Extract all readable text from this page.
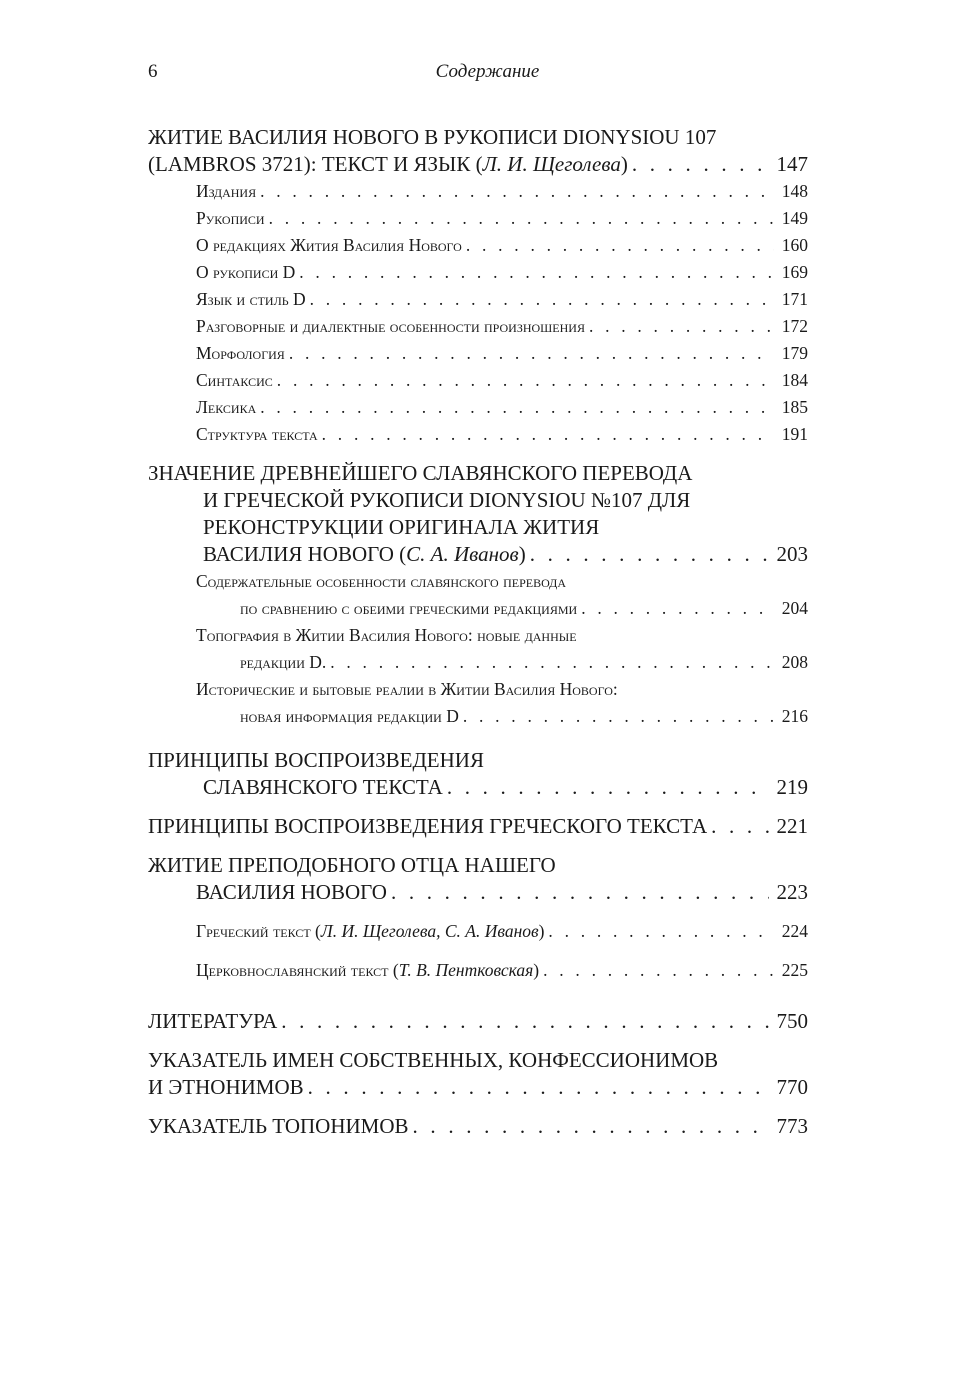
6	Содержание
ЖИТИЕ ВАСИЛИЯ НОВОГО В РУКОПИСИ DIONYSIOU 107
(LAMBROS 3721): ТЕКСТ И ЯЗЫК (Л. И. Щеголева) . . .	147
Издания . . .	148
Рукописи . . .	149
О редакциях Жития Василия Нового . . .	160
О рукописи D . . .	169
Язык и стиль D . . .	171
Разговорные и диалектные особенности произношения . . .	172
Морфология . . .	179
Синтаксис . . .	184
Лексика . . .	185
Структура текста . . .	191
ЗНАЧЕНИЕ ДРЕВНЕЙШЕГО СЛАВЯНСКОГО ПЕРЕВОДА
И ГРЕЧЕСКОЙ РУКОПИСИ DIONYSIOU №107 ДЛЯ
РЕКОНСТРУКЦИИ ОРИГИНАЛА ЖИТИЯ
ВАСИЛИЯ НОВОГО (С. А. Иванов) . . .	203
Содержательные особенности славянского перевода
по сравнению с обеими греческими редакциями . . .	204
Топография в Житии Василия Нового: новые данные
редакции D. . . .	208
Исторические и бытовые реалии в Житии Василия Нового:
новая информация редакции D . . .	216
ПРИНЦИПЫ ВОСПРОИЗВЕДЕНИЯ
СЛАВЯНСКОГО ТЕКСТА . . .	219
ПРИНЦИПЫ ВОСПРОИЗВЕДЕНИЯ ГРЕЧЕСКОГО ТЕКСТА . . .	221
ЖИТИЕ ПРЕПОДОБНОГО ОТЦА НАШЕГО
ВАСИЛИЯ НОВОГО . . .	223
Греческий текст (Л. И. Щеголева, С. А. Иванов) . . .	224
Церковнославянский текст (Т. В. Пентковская) . . .	225
ЛИТЕРАТУРА . . .	750
УКАЗАТЕЛЬ ИМЕН СОБСТВЕННЫХ, КОНФЕССИОНИМОВ
И ЭТНОНИМОВ . . .	770
УКАЗАТЕЛЬ ТОПОНИМОВ . . .	773
